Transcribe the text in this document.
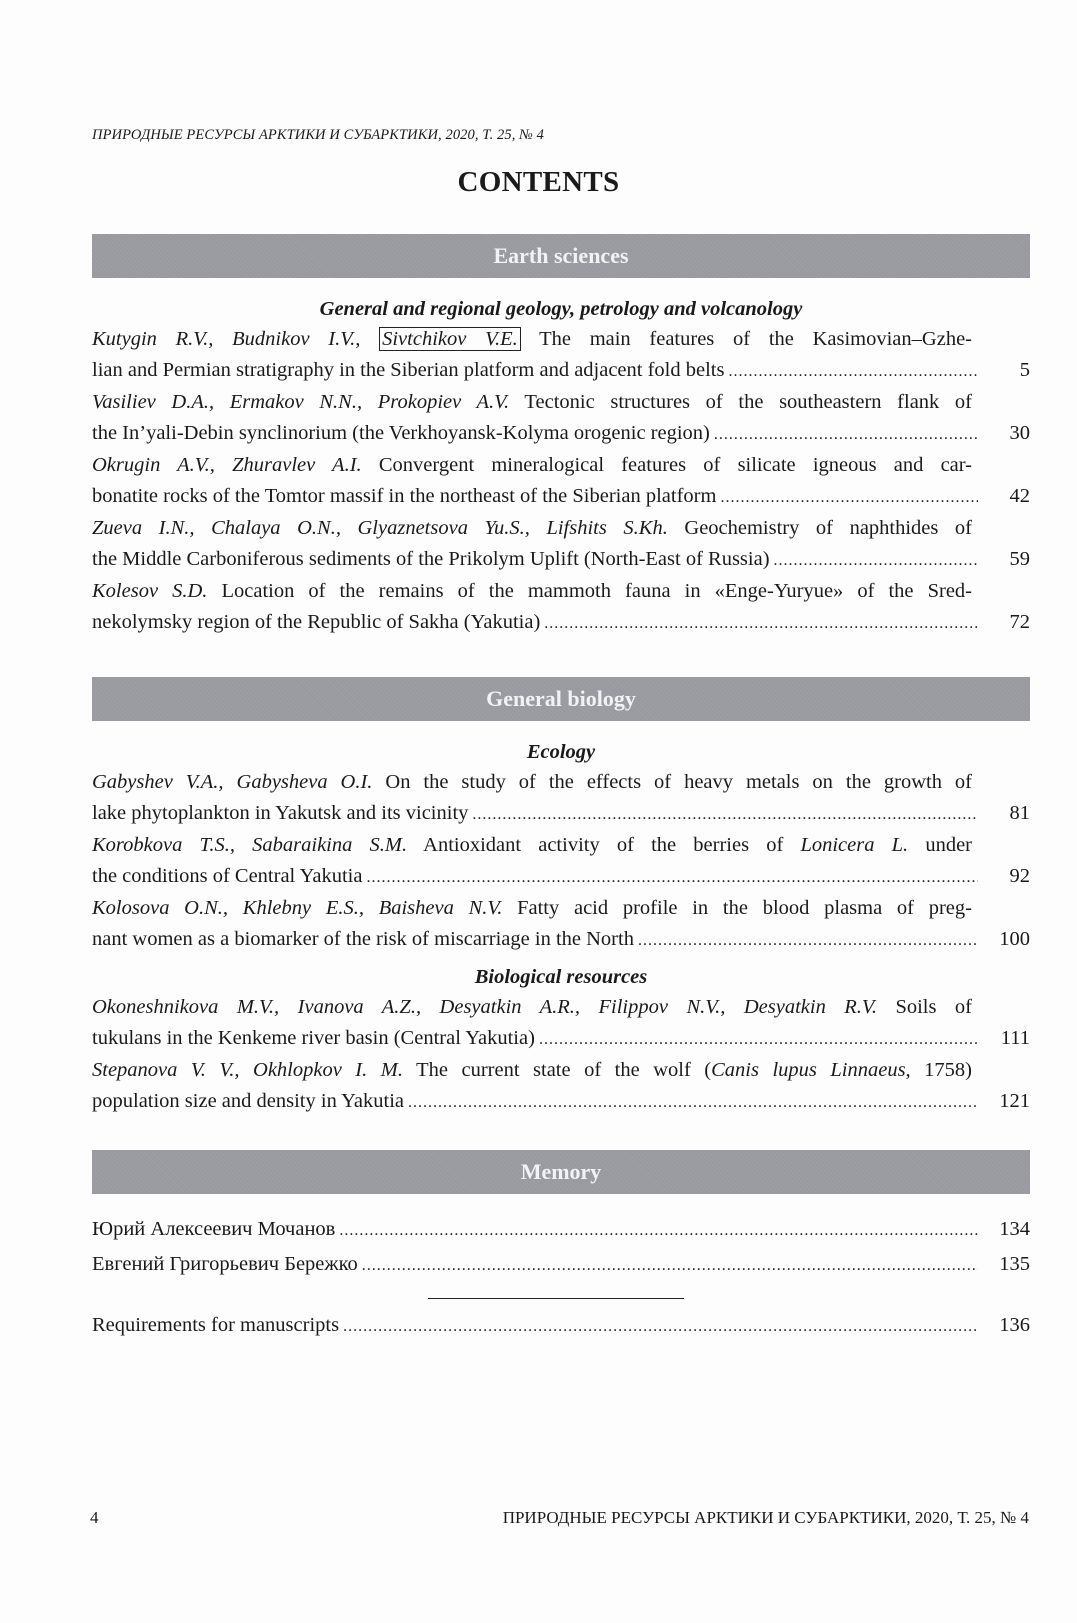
ПРИРОДНЫЕ РЕСУРСЫ АРКТИКИ И СУБАРКТИКИ, 2020, Т. 25, № 4
CONTENTS
Earth sciences
General and regional geology, petrology and volcanology
Kutygin R.V., Budnikov I.V., Sivtchikov V.E. The main features of the Kasimovian–Gzhe-
lian and Permian stratigraphy in the Siberian platform and adjacent fold belts .....	5
Vasiliev D.A., Ermakov N.N., Prokopiev A.V. Tectonic structures of the southeastern flank of
the In’yali-Debin synclinorium (the Verkhoyansk-Kolyma orogenic region) .....	30
Okrugin A.V., Zhuravlev A.I. Convergent mineralogical features of silicate igneous and car-
bonatite rocks of the Tomtor massif in the northeast of the Siberian platform .....	42
Zueva I.N., Chalaya O.N., Glyaznetsova Yu.S., Lifshits S.Kh. Geochemistry of naphthides of
the Middle Carboniferous sediments of the Prikolym Uplift (North-East of Russia) .....	59
Kolesov S.D. Location of the remains of the mammoth fauna in «Enge-Yuryue» of the Sred-
nekolymsky region of the Republic of Sakha (Yakutia) .....	72
General biology
Ecology
Gabyshev V.A., Gabysheva O.I. On the study of the effects of heavy metals on the growth of
lake phytoplankton in Yakutsk and its vicinity .....	81
Korobkova T.S., Sabaraikina S.M. Antioxidant activity of the berries of Lonicera L. under
the conditions of Central Yakutia .....	92
Kolosova O.N., Khlebny E.S., Baisheva N.V. Fatty acid profile in the blood plasma of preg-
nant women as a biomarker of the risk of miscarriage in the North .....	100
Biological resources
Okoneshnikova M.V., Ivanova A.Z., Desyatkin A.R., Filippov N.V., Desyatkin R.V. Soils of
tukulans in the Kenkeme river basin (Central Yakutia) .....	111
Stepanova V. V., Okhlopkov I. M. The current state of the wolf (Canis lupus Linnaeus, 1758)
population size and density in Yakutia .....	121
Memory
Юрий Алексеевич Мочанов .....	134
Евгений Григорьевич Бережко .....	135
Requirements for manuscripts .....	136
4	ПРИРОДНЫЕ РЕСУРСЫ АРКТИКИ И СУБАРКТИКИ, 2020, Т. 25, № 4
